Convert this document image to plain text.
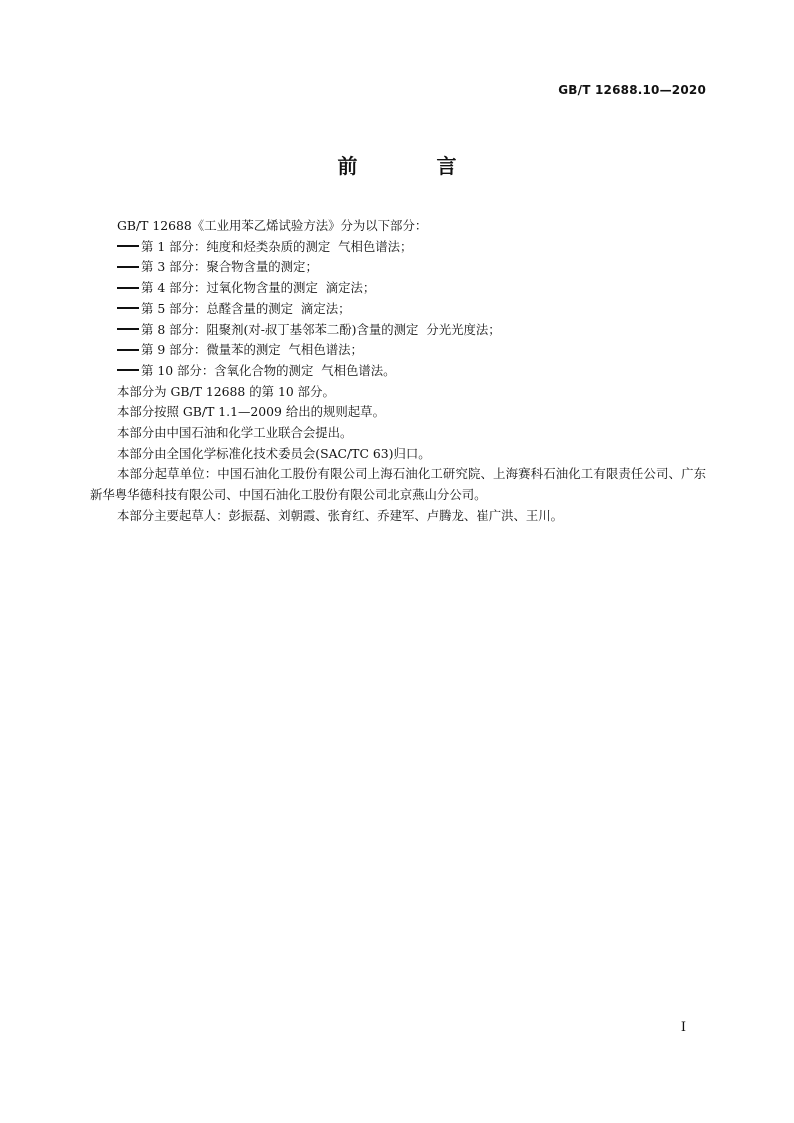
GB/T 12688.10—2020
前 言

GB/T 12688《工业用苯乙烯试验方法》分为以下部分：

第 1 部分：纯度和烃类杂质的测定  气相色谱法；

第 3 部分：聚合物含量的测定；

第 4 部分：过氧化物含量的测定  滴定法；

第 5 部分：总醛含量的测定  滴定法；

第 8 部分：阻聚剂(对-叔丁基邻苯二酚)含量的测定  分光光度法；

第 9 部分：微量苯的测定  气相色谱法；

第 10 部分：含氧化合物的测定  气相色谱法。

本部分为 GB/T 12688 的第 10 部分。

本部分按照 GB/T 1.1—2009 给出的规则起草。

本部分由中国石油和化学工业联合会提出。

本部分由全国化学标准化技术委员会(SAC/TC 63)归口。

本部分起草单位：中国石油化工股份有限公司上海石油化工研究院、上海赛科石油化工有限责任公司、广东新华粤华德科技有限公司、中国石油化工股份有限公司北京燕山分公司。

本部分主要起草人：彭振磊、刘朝霞、张育红、乔建军、卢腾龙、崔广洪、王川。

Ⅰ
